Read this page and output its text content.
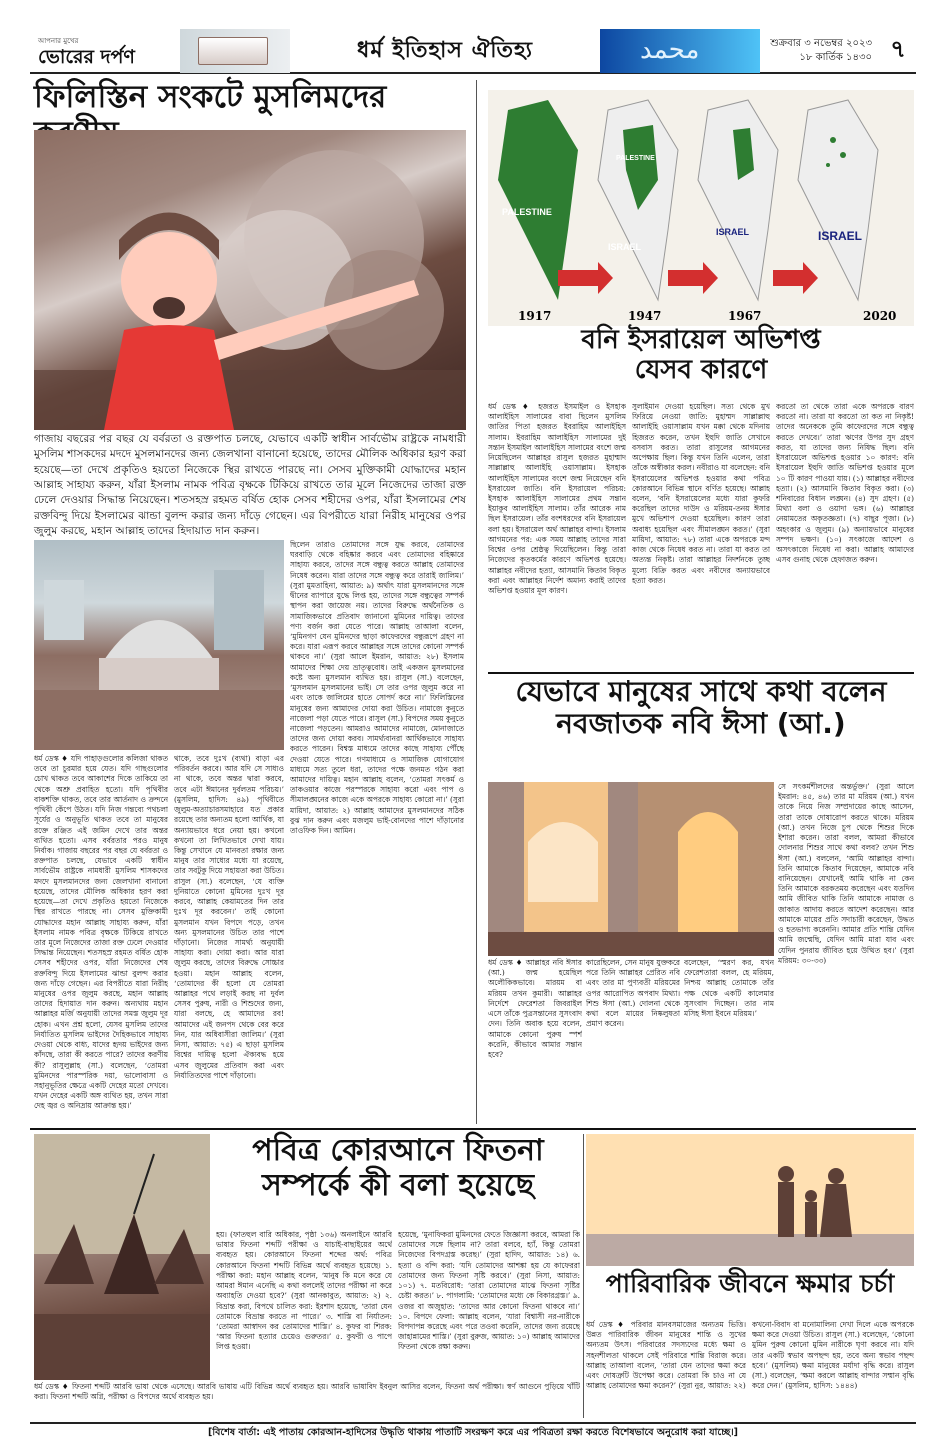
আপনার মুখের
ভোরের দর্পণ	ধর্ম ইতিহাস ঐতিহ্য	محمد	শুক্রবার ৩ নভেম্বর ২০২৩
১৮ কার্তিক ১৪৩০ ৭
ফিলিস্তিন সংকটে মুসলিমদের
গাজায় বছরের পর বছর যে বর্বরতা ও রক্তপাত চলছে, যেভাবে একটি স্বাধীন সার্বভৌম রাষ্ট্রকে নামধারী মুসলিম শাসকদের মদদে মুসলমানদের জন্য জেলখানা বানানো হয়েছে, তাদের মৌলিক অধিকার হরণ করা হয়েছে—তা দেখে প্রকৃতিও হয়তো নিজেকে স্থির রাখতে পারছে না। সেসব মুক্তিকামী যোদ্ধাদের মহান আল্লাহ সাহায্য করুন, যাঁরা ইসলাম নামক পবিত্র বৃক্ষকে টিকিয়ে রাখতে তার মূলে নিজেদের তাজা রক্ত ঢেলে দেওয়ার সিদ্ধান্ত নিয়েছেন। শতসহস্র রহমত বর্ষিত হোক সেসব শহীদের ওপর, যাঁরা ইসলামের শেষ রক্তবিন্দু দিয়ে ইসলামের ঝান্ডা বুলন্দ করার জন্য দাঁড়ে গেছেন। এর বিপরীতে যারা নিরীহ মানুষের ওপর জুলুম করছে, মহান আল্লাহ তাদের হিদায়াত দান করুন।
ধর্ম ডেস্ক ♦ যদি পাহাড়গুলোর কলিজা থাকত তবে তা চুরমার হয়ে যেত। যদি গাছগুলোর চোখ থাকত তবে আকাশের দিকে তাকিয়ে তা থেকে অশ্রু প্রবাহিত হতো। যদি পৃথিবীর বাকশক্তি থাকত, তবে তার আর্তনাদ ও ক্রন্দনে পৃথিবী কেঁপে উঠত। যদি নিজ গন্তব্যে পথচলা সূর্যের ও অনুভূতি থাকত তবে তা মানুষের রক্তে রঞ্জিত এই জমিন দেখে তার অন্তর ব্যথিত হতো। এসব বর্বরতার পরও মানুষ নির্বাক। গাজায় বছরের পর বছর যে বর্বরতা ও রক্তপাত চলছে, যেভাবে একটি স্বাধীন সার্বভৌম রাষ্ট্রকে নামধারী মুসলিম শাসকদের মদদে মুসলমানদের জন্য জেলখানা বানানো হয়েছে, তাদের মৌলিক অধিকার হরণ করা হয়েছে—তা দেখে প্রকৃতিও হয়তো নিজেকে স্থির রাখতে পারছে না। সেসব মুক্তিকামী যোদ্ধাদের মহান আল্লাহ সাহায্য করুন, যাঁরা ইসলাম নামক পবিত্র বৃক্ষকে টিকিয়ে রাখতে তার মূলে নিজেদের তাজা রক্ত ঢেলে দেওয়ার সিদ্ধান্ত নিয়েছেন। শতসহস্র রহমত বর্ষিত হোক সেসব শহীদের ওপর, যাঁরা নিজেদের শেষ রক্তবিন্দু দিয়ে ইসলামের ঝান্ডা বুলন্দ করার জন্য দাঁড়ে গেছেন। এর বিপরীতে যারা নিরীহ মানুষের ওপর জুলুম করছে, মহান আল্লাহ তাদের হিদায়াত দান করুন। অন্যথায় মহান আল্লাহর মর্জি অনুযায়ী তাদের সমস্ত জুলুম দূর হোক। এখন প্রশ্ন হলো, যেসব মুসলিম তাদের নির্যাতিত মুসলিম ভাইদের দৈহিকভাবে সাহায্য দেওয়া থেকে বাধ্য, যাদের হৃদয় ভাইদের জন্য কাঁদছে, তারা কী করতে পারে? তাদের করণীয় কী? রাসুলুল্লাহ (সা.) বলেছেন, ‘তোমরা মুমিনদের পারস্পরিক দয়া, ভালোবাসা ও সহানুভূতির ক্ষেত্রে একটি দেহের মতো দেখবে। যখন দেহের একটি অঙ্গ ব্যথিত হয়, তখন সারা দেহ জ্বর ও অনিদ্রায় আক্রান্ত হয়।’
থাকে, তবে দুঃখ (ব্যথা) বাড়া এর পরিবর্তন করবে। আর যদি সে সাধ্যও না থাকে, তবে অন্তর দ্বারা করবে, তবে এটা ঈমানের দুর্বলতম পরিচয়।’ (মুসলিম, হাদিস: ৪৯) পৃথিবীতে জুলুম-অত্যাচারসমাহারে যত প্রকার রয়েছে তার অন্যতম হলো আর্থিক, যা অন্যায়ভাবে ধরে নেয়া হয়। কখনো কখনো তা লিখিতভাবে দেখা যায়। কিন্তু সেখানে যে মানবতা রক্ষার জন্য মানুষ তার সাধ্যের মধ্যে যা রয়েছে, তার সবটুকু দিয়ে সহায়তা করা উচিত। রাসুল (সা.) বলেছেন, ‘যে ব্যক্তি দুনিয়াতে কোনো মুমিনের দুঃখ দূর করবে, আল্লাহ কেয়ামতের দিন তার দুঃখ দূর করবেন।’ তাই কোনো মুসলমান যখন বিপদে পড়ে, তখন অন্য মুসলমানের উচিত তার পাশে দাঁড়ানো। নিজের সামর্থ্য অনুযায়ী সাহায্য করা। দোয়া করা। আর যারা জুলুম করছে, তাদের বিরুদ্ধে সোচ্চার হওয়া। মহান আল্লাহ বলেন, ‘তোমাদের কী হলো যে তোমরা আল্লাহর পথে লড়াই করছ না দুর্বল সেসব পুরুষ, নারী ও শিশুদের জন্য, যারা বলছে, হে আমাদের রব! আমাদের এই জনপদ থেকে বের করে নিন, যার অধিবাসীরা জালিম।’ (সুরা নিসা, আয়াত: ৭৫) এ ছাড়া মুসলিম বিশ্বের দায়িত্ব হলো ঐক্যবদ্ধ হয়ে এসব জুলুমের প্রতিবাদ করা এবং নির্যাতিতদের পাশে দাঁড়ানো।
ছিলেন তারাও তোমাদের সঙ্গে যুদ্ধ করবে, তোমাদের ঘরবাড়ি থেকে বহিষ্কার করবে এবং তোমাদের বহিষ্কারে সাহায্য করবে, তাদের সঙ্গে বন্ধুত্ব করতে আল্লাহ তোমাদের নিষেধ করেন। যারা তাদের সঙ্গে বন্ধুত্ব করে তারাই জালিম।’ (সুরা মুমতাহিনা, আয়াত: ৯) অর্থাৎ যারা মুসলমানদের সঙ্গে দ্বীনের ব্যাপারে যুদ্ধে লিপ্ত হয়, তাদের সঙ্গে বন্ধুত্বের সম্পর্ক স্থাপন করা জায়েজ নয়। তাদের বিরুদ্ধে অর্থনৈতিক ও সামাজিকভাবে প্রতিবাদ জানানো মুমিনের দায়িত্ব। তাদের পণ্য বর্জন করা যেতে পারে। আল্লাহ তাআলা বলেন, ‘মুমিনগণ যেন মুমিনদের ছাড়া কাফেরদের বন্ধুরূপে গ্রহণ না করে। যারা এরূপ করবে আল্লাহর সঙ্গে তাদের কোনো সম্পর্ক থাকবে না।’ (সুরা আলে ইমরান, আয়াত: ২৮) ইসলাম আমাদের শিক্ষা দেয় ভ্রাতৃত্ববোধ। তাই একজন মুসলমানের কষ্টে অন্য মুসলমান ব্যথিত হয়। রাসুল (সা.) বলেছেন, ‘মুসলমান মুসলমানের ভাই। সে তার ওপর জুলুম করে না এবং তাকে জালিমের হাতে সোপর্দ করে না।’ ফিলিস্তিনের মানুষের জন্য আমাদের দোয়া করা উচিত। নামাজে কুনুতে নাজেলা পড়া যেতে পারে। রাসুল (সা.) বিপদের সময় কুনুতে নাজেলা পড়তেন। আমরাও আমাদের নামাজে, মোনাজাতে তাদের জন্য দোয়া করব। সামর্থ্যবানরা আর্থিকভাবে সাহায্য করতে পারেন। বিশ্বস্ত মাধ্যমে তাদের কাছে সাহায্য পৌঁছে দেওয়া যেতে পারে। গণমাধ্যমে ও সামাজিক যোগাযোগ মাধ্যমে সত্য তুলে ধরা, তাদের পক্ষে জনমত গঠন করা আমাদের দায়িত্ব। মহান আল্লাহ বলেন, ‘তোমরা সৎকর্ম ও তাকওয়ার কাজে পরস্পরকে সাহায্য করো এবং পাপ ও সীমালঙ্ঘনের কাজে একে অপরকে সাহায্য কোরো না।’ (সুরা মায়িদা, আয়াত: ২) আল্লাহ আমাদের মুসলমানদের সঠিক বুঝ দান করুন এবং মজলুম ভাই-বোনদের পাশে দাঁড়ানোর তাওফিক দিন। আমিন।
PALESTINE
PALESTINE
ISRAEL
ISRAEL	ISRAEL
1917	1947	1967	2020
বনি ইসরায়েল অভিশপ্ত
যেসব কারণে
ধর্ম ডেস্ক ♦ হজরত ইসমাইল ও ইসহাক আলাইহিস সালামের বাবা ছিলেন মুসলিম জাতির পিতা হজরত ইবরাহিম আলাইহিস সালাম। ইবরাহিম আলাইহিস সালামের দুই সন্তান ইসমাইল আলাইহিস সালামের বংশে জন্ম নিয়েছিলেন আল্লাহর রাসুল হজরত মুহাম্মাদ সাল্লাল্লাহু আলাইহি ওয়াসাল্লাম। ইসহাক আলাইহিস সালামের বংশে জন্ম নিয়েছেন বনি ইসরায়েল জাতি। বনি ইসরায়েল পরিচয়: ইসহাক আলাইহিস সালামের প্রথম সন্তান ইয়াকুব আলাইহিস সালাম। তাঁর আরেক নাম ছিল ইসরায়েল। তাঁর বংশধরদের বনি ইসরায়েল বলা হয়। ইসরায়েল অর্থ আল্লাহর বান্দা। ইসলাম আগমনের পর: এক সময় আল্লাহ তাদের সারা বিশ্বের ওপর শ্রেষ্ঠত্ব দিয়েছিলেন। কিন্তু তারা নিজেদের কৃতকর্মের কারণে অভিশপ্ত হয়েছে। আল্লাহর নবীদের হত্যা, আসমানি কিতাব বিকৃত করা এবং আল্লাহর নির্দেশ অমান্য করাই তাদের অভিশপ্ত হওয়ার মূল কারণ।
সুলাইমান দেওয়া হয়েছিল। সত্য থেকে মুখ ফিরিয়ে নেওয়া জাতি: মুহাম্মদ সাল্লাল্লাহু আলাইহি ওয়াসাল্লাম যখন মক্কা থেকে মদিনায় হিজরত করেন, তখন ইহুদি জাতি সেখানে বসবাস করত। তারা রাসুলের আগমনের অপেক্ষায় ছিল। কিন্তু যখন তিনি এলেন, তারা তাঁকে অস্বীকার করল। নবীরাও যা বলেছেন: বনি ইসরায়েলের অভিশপ্ত হওয়ার কথা পবিত্র কোরআনে বিভিন্ন স্থানে বর্ণিত হয়েছে। আল্লাহ বলেন, ‘বনি ইসরায়েলের মধ্যে যারা কুফরি করেছিল তাদের দাউদ ও মরিয়ম-তনয় ঈসার মুখে অভিশাপ দেওয়া হয়েছিল। কারণ তারা অবাধ্য হয়েছিল এবং সীমালঙ্ঘন করত।’ (সুরা মায়িদা, আয়াত: ৭৮) তারা একে অপরকে মন্দ কাজ থেকে নিষেধ করত না। তারা যা করত তা অত্যন্ত নিকৃষ্ট। তারা আল্লাহর নিদর্শনকে তুচ্ছ মূল্যে বিক্রি করত এবং নবীদের অন্যায়ভাবে হত্যা করত।
করতো তা থেকে তারা একে অপরকে বারণ করতো না। তারা যা করতো তা কত না নিকৃষ্ট! তাদের অনেককে তুমি কাফেরদের সঙ্গে বন্ধুত্ব করতে দেখবে।’ তারা ঋণের উপর সুদ গ্রহণ করত, যা তাদের জন্য নিষিদ্ধ ছিল। বনি ইসরায়েলে অভিশপ্ত হওয়ার ১০ কারণ: বনি ইসরায়েল ইহুদি জাতি অভিশপ্ত হওয়ার মূলে ১০ টি কারণ পাওয়া যায়। (১) আল্লাহর নবীদের হত্যা। (২) আসমানি কিতাব বিকৃত করা। (৩) শনিবারের বিধান লঙ্ঘন। (৪) সুদ গ্রহণ। (৫) মিথ্যা বলা ও ওয়াদা ভঙ্গ। (৬) আল্লাহর নেয়ামতের অকৃতজ্ঞতা। (৭) বাছুর পূজা। (৮) অহংকার ও জুলুম। (৯) অন্যায়ভাবে মানুষের সম্পদ ভক্ষণ। (১০) সৎকাজে আদেশ ও অসৎকাজে নিষেধ না করা। আল্লাহ আমাদের এসব গুনাহ থেকে হেফাজত করুন।
যেভাবে মানুষের সাথে কথা বলেন
নবজাতক নবি ঈসা (আ.)
ধর্ম ডেস্ক ♦ আল্লাহর নবি ঈসার (আ.) জন্ম হয়েছিল অলৌকিকভাবে। মারয়ম বা মরিয়ম তখন কুমারী। আল্লাহর নির্দেশে ফেরেশতা জিবরাইল এসে তাঁকে পুত্রসন্তানের সুসংবাদ দেন। তিনি অবাক হয়ে বলেন, আমাকে কোনো পুরুষ স্পর্শ করেনি, কীভাবে আমার সন্তান হবে?
কারেছিলেন, সেন মানুষ যুক্তকরে পরে তিনি আল্লাহর প্রেরিত নবি এবং তার মা পুণ্যবতী মরিয়মের ওপর আরোপিত অপবাদ মিথ্যা। শিশু ঈসা (আ.) দোলনা থেকে কথা বলে মায়ের নিষ্কলুষতা প্রমাণ করেন।
বলেছেন, ‘স্মরণ কর, যখন ফেরেশতারা বলল, হে মরিয়ম, নিশ্চয় আল্লাহ তোমাকে তাঁর পক্ষ থেকে একটি কালেমার সুসংবাদ দিচ্ছেন। তার নাম মসিহ ঈসা ইবনে মরিয়ম।’
সে সৎকর্মশীলদের অন্তর্ভুক্ত।’ (সুরা আলে ইমরান: ৪৫, ৪৬) তার মা মরিয়ম (আ.) যখন তাকে নিয়ে নিজ সম্প্রদায়ের কাছে আসেন, তারা তাকে দোষারোপ করতে থাকে। মরিয়ম (আ.) তখন নিজে চুপ থেকে শিশুর দিকে ইশারা করেন। তারা বলল, আমরা কীভাবে দোলনার শিশুর সাথে কথা বলব? তখন শিশু ঈসা (আ.) বললেন, ‘আমি আল্লাহর বান্দা। তিনি আমাকে কিতাব দিয়েছেন, আমাকে নবি বানিয়েছেন। যেখানেই আমি থাকি না কেন তিনি আমাকে বরকতময় করেছেন এবং যতদিন আমি জীবিত থাকি তিনি আমাকে নামাজ ও জাকাত আদায় করতে আদেশ করেছেন। আর আমাকে মায়ের প্রতি সদাচারী করেছেন, উদ্ধত ও হতভাগ্য করেননি। আমার প্রতি শান্তি যেদিন আমি জন্মেছি, যেদিন আমি মারা যাব এবং যেদিন পুনরায় জীবিত হয়ে উত্থিত হব।’ (সুরা মরিয়ম: ৩০-৩৩)
পবিত্র কোরআনে ফিতনা
সম্পর্কে কী বলা হয়েছে
হয়। (ফাতহুল বারি অধিকার, পৃষ্ঠা ১৩৬) অনলাইনে আরবি ভাষার ফিতনা শব্দটি পরীক্ষা ও যাচাই-বাছাইয়ের অর্থে ব্যবহৃত হয়। কোরআনে ফিতনা শব্দের অর্থ: পবিত্র কোরআনে ফিতনা শব্দটি বিভিন্ন অর্থে ব্যবহৃত হয়েছে। ১. পরীক্ষা করা: মহান আল্লাহ বলেন, ‘মানুষ কি মনে করে যে আমরা ঈমান এনেছি এ কথা বললেই তাদের পরীক্ষা না করে অব্যাহতি দেওয়া হবে?’ (সুরা আনকাবুত, আয়াত: ২) ২. বিভ্রান্ত করা, বিপথে চালিত করা: ইরশাদ হয়েছে, ‘তারা যেন তোমাকে বিভ্রান্ত করতে না পারে।’ ৩. শাস্তি বা নির্যাতন: ‘তোমরা আস্বাদন কর তোমাদের শাস্তি।’ ৪. কুফর বা শিরক: ‘আর ফিতনা হত্যার চেয়েও গুরুতর।’ ৫. কুফরী ও পাপে লিপ্ত হওয়া।
হয়েছে, ‘মুনাফিকরা মুমিনদের ফেতে জিজ্ঞাসা করবে, আমরা কি তোমাদের সঙ্গে ছিলাম না? তারা বলবে, হ্যাঁ, কিন্তু তোমরা নিজেদের বিপদগ্রস্ত করেছ।’ (সুরা হাদিদ, আয়াত: ১৪) ৬. হত্যা ও বন্দি করা: ‘যদি তোমাদের আশঙ্কা হয় যে কাফেররা তোমাদের জন্য ফিতনা সৃষ্টি করবে।’ (সুরা নিসা, আয়াত: ১০১) ৭. মতবিরোধ: ‘তারা তোমাদের মাঝে ফিতনা সৃষ্টির চেষ্টা করত।’ ৮. পাগলামি: ‘তোমাদের মধ্যে কে বিকারগ্রস্ত।’ ৯. ওজর বা অজুহাত: ‘তাদের আর কোনো ফিতনা থাকবে না।’ ১০. বিপদে ফেলা: আল্লাহ বলেন, ‘যারা বিশ্বাসী নর-নারীকে বিপদাপন্ন করেছে এবং পরে তওবা করেনি, তাদের জন্য রয়েছে জাহান্নামের শাস্তি।’ (সুরা বুরুজ, আয়াত: ১০) আল্লাহ আমাদের ফিতনা থেকে রক্ষা করুন।
ধর্ম ডেস্ক ♦ ফিতনা শব্দটি আরবি ভাষা থেকে এসেছে। আরবি ভাষায় এটি বিভিন্ন অর্থে ব্যবহৃত হয়। আরবি ভাষাবিদ ইবনুল আসির বলেন, ফিতনা অর্থ পরীক্ষা। স্বর্ণ আগুনে পুড়িয়ে খাঁটি করা। ফিতনা শব্দটি অগ্নি, পরীক্ষা ও বিপদের অর্থে ব্যবহৃত হয়।
পারিবারিক জীবনে ক্ষমার চর্চা
ধর্ম ডেস্ক ♦ পরিবার মানবসমাজের অন্যতম ভিত্তি। উন্নত পারিবারিক জীবন মানুষের শান্তি ও সুখের অন্যতম উৎস। পরিবারের সদস্যদের মধ্যে ক্ষমা ও সহনশীলতা থাকলে সেই পরিবারে শান্তি বিরাজ করে। আল্লাহ তাআলা বলেন, ‘তারা যেন তাদের ক্ষমা করে এবং দোষত্রুটি উপেক্ষা করে। তোমরা কি চাও না যে আল্লাহ তোমাদের ক্ষমা করেন?’ (সুরা নুর, আয়াত: ২২)
কখনো-বিবাদ বা মনোমালিন্য দেখা দিলে একে অপরকে ক্ষমা করে দেওয়া উচিত। রাসুল (সা.) বলেছেন, ‘কোনো মুমিন পুরুষ কোনো মুমিন নারীকে ঘৃণা করবে না। যদি তার একটি স্বভাব অপছন্দ হয়, তবে অন্য স্বভাব পছন্দ হবে।’ (মুসলিম) ক্ষমা মানুষের মর্যাদা বৃদ্ধি করে। রাসুল (সা.) বলেছেন, ‘ক্ষমা করলে আল্লাহ বান্দার সম্মান বৃদ্ধি করে দেন।’ (মুসলিম, হাদিস: ১৪৪৪)
[বিশেষ বার্তা: এই পাতায় কোরআন-হাদিসের উদ্ধৃতি থাকায় পাতাটি সংরক্ষণ করে এর পবিত্রতা রক্ষা করতে বিশেষভাবে অনুরোধ করা যাচ্ছে।]
